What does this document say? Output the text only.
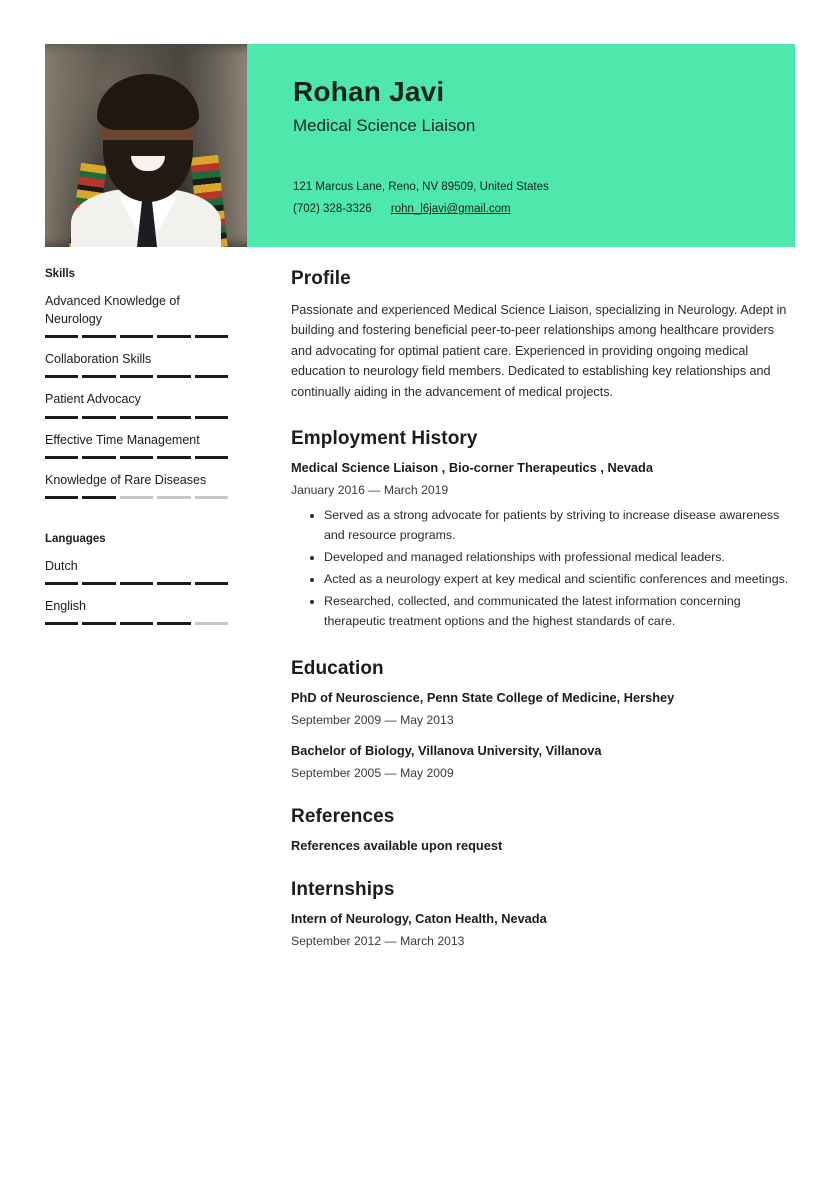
Rohan Javi
Medical Science Liaison
121 Marcus Lane, Reno, NV 89509, United States
(702) 328-3326 rohn_l6javi@gmail.com
Skills
Advanced Knowledge of Neurology
Collaboration Skills
Patient Advocacy
Effective Time Management
Knowledge of Rare Diseases
Languages
Dutch
English
Profile

Passionate and experienced Medical Science Liaison, specializing in Neurology. Adept in building and fostering beneficial peer-to-peer relationships among healthcare providers and advocating for optimal patient care. Experienced in providing ongoing medical education to neurology field members. Dedicated to establishing key relationships and continually aiding in the advancement of medical projects.

Employment History
Medical Science Liaison , Bio-corner Therapeutics , Nevada
January 2016 — March 2019
• Served as a strong advocate for patients by striving to increase disease awareness and resource programs.
• Developed and managed relationships with professional medical leaders.
• Acted as a neurology expert at key medical and scientific conferences and meetings.
• Researched, collected, and communicated the latest information concerning therapeutic treatment options and the highest standards of care.
Education
PhD of Neuroscience, Penn State College of Medicine, Hershey
September 2009 — May 2013
Bachelor of Biology, Villanova University, Villanova
September 2005 — May 2009
References
References available upon request
Internships
Intern of Neurology, Caton Health, Nevada
September 2012 — March 2013
